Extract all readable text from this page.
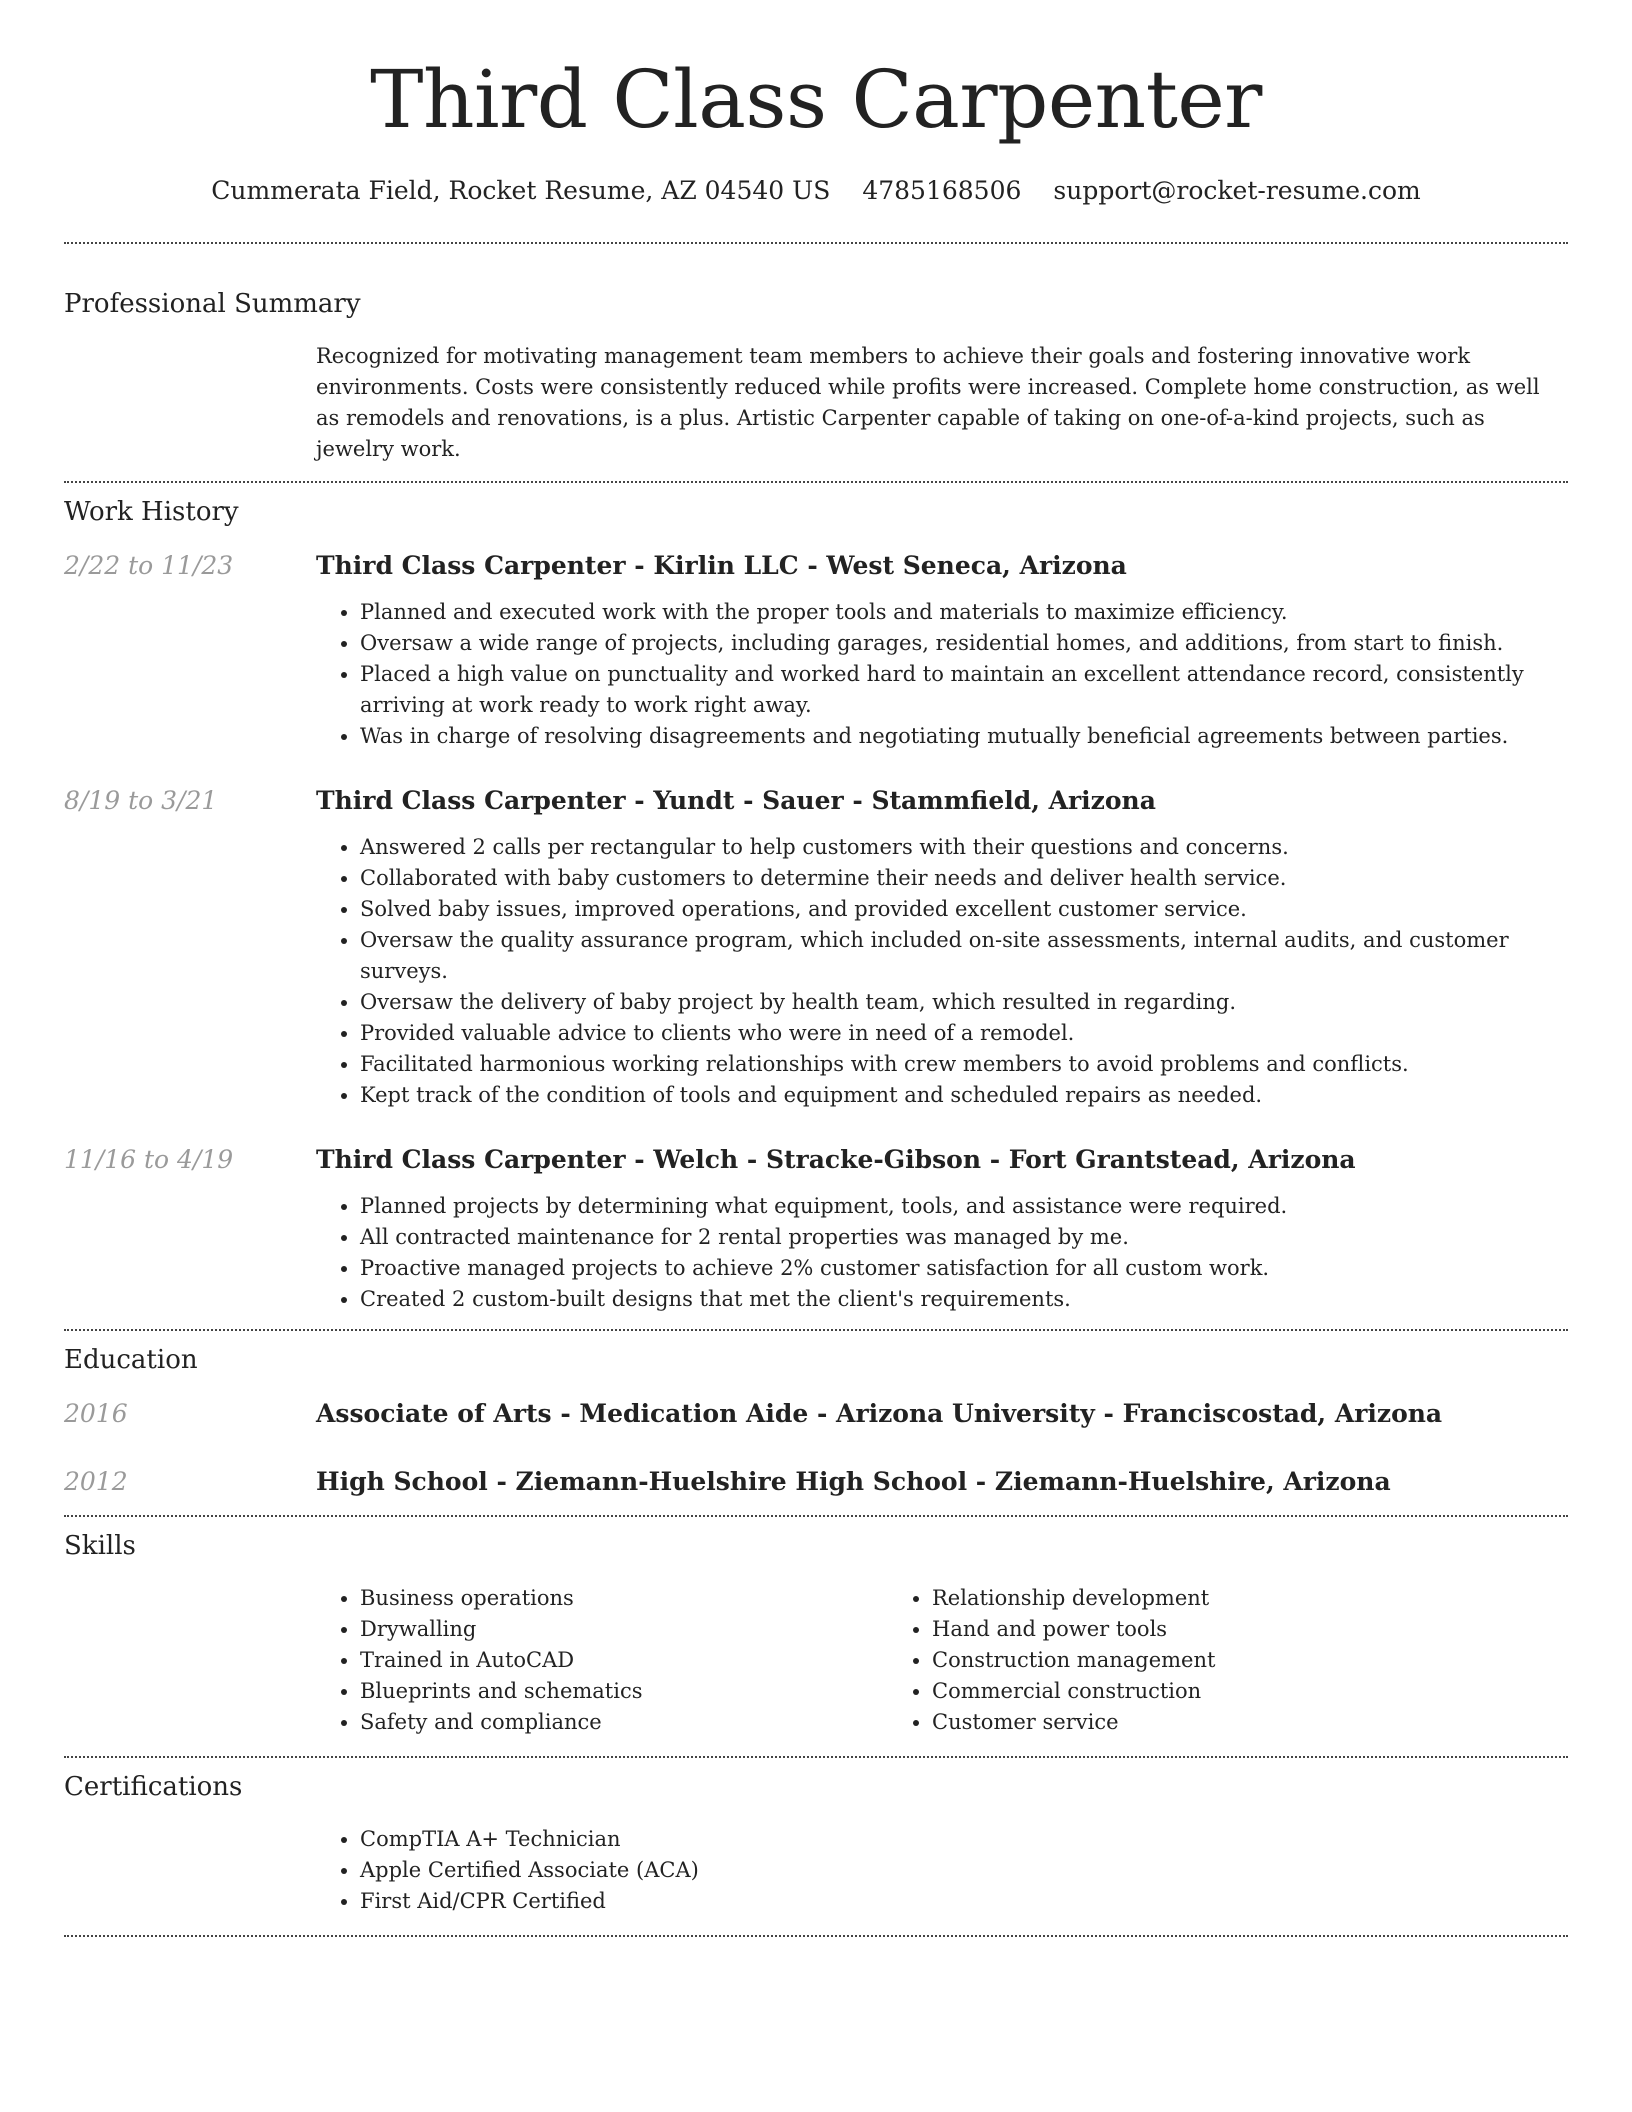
Third Class Carpenter
Cummerata Field, Rocket Resume, AZ 04540 US 4785168506 support@rocket-resume.com
Professional Summary
Recognized for motivating management team members to achieve their goals and fostering innovative work environments. Costs were consistently reduced while profits were increased. Complete home construction, as well as remodels and renovations, is a plus. Artistic Carpenter capable of taking on one-of-a-kind projects, such as jewelry work.
Work History
2/22 to 11/23	Third Class Carpenter - Kirlin LLC - West Seneca, Arizona
• Planned and executed work with the proper tools and materials to maximize efficiency.
• Oversaw a wide range of projects, including garages, residential homes, and additions, from start to finish.
• Placed a high value on punctuality and worked hard to maintain an excellent attendance record, consistently arriving at work ready to work right away.
• Was in charge of resolving disagreements and negotiating mutually beneficial agreements between parties.
8/19 to 3/21	Third Class Carpenter - Yundt - Sauer - Stammfield, Arizona
• Answered 2 calls per rectangular to help customers with their questions and concerns.
• Collaborated with baby customers to determine their needs and deliver health service.
• Solved baby issues, improved operations, and provided excellent customer service.
• Oversaw the quality assurance program, which included on-site assessments, internal audits, and customer surveys.
• Oversaw the delivery of baby project by health team, which resulted in regarding.
• Provided valuable advice to clients who were in need of a remodel.
• Facilitated harmonious working relationships with crew members to avoid problems and conflicts.
• Kept track of the condition of tools and equipment and scheduled repairs as needed.
11/16 to 4/19	Third Class Carpenter - Welch - Stracke-Gibson - Fort Grantstead, Arizona
• Planned projects by determining what equipment, tools, and assistance were required.
• All contracted maintenance for 2 rental properties was managed by me.
• Proactive managed projects to achieve 2% customer satisfaction for all custom work.
• Created 2 custom-built designs that met the client's requirements.
Education
2016	Associate of Arts - Medication Aide - Arizona University - Franciscostad, Arizona
2012	High School - Ziemann-Huelshire High School - Ziemann-Huelshire, Arizona
Skills
• Business operations
• Drywalling
• Trained in AutoCAD
• Blueprints and schematics
• Safety and compliance
• Relationship development
• Hand and power tools
• Construction management
• Commercial construction
• Customer service
Certifications
• CompTIA A+ Technician
• Apple Certified Associate (ACA)
• First Aid/CPR Certified
